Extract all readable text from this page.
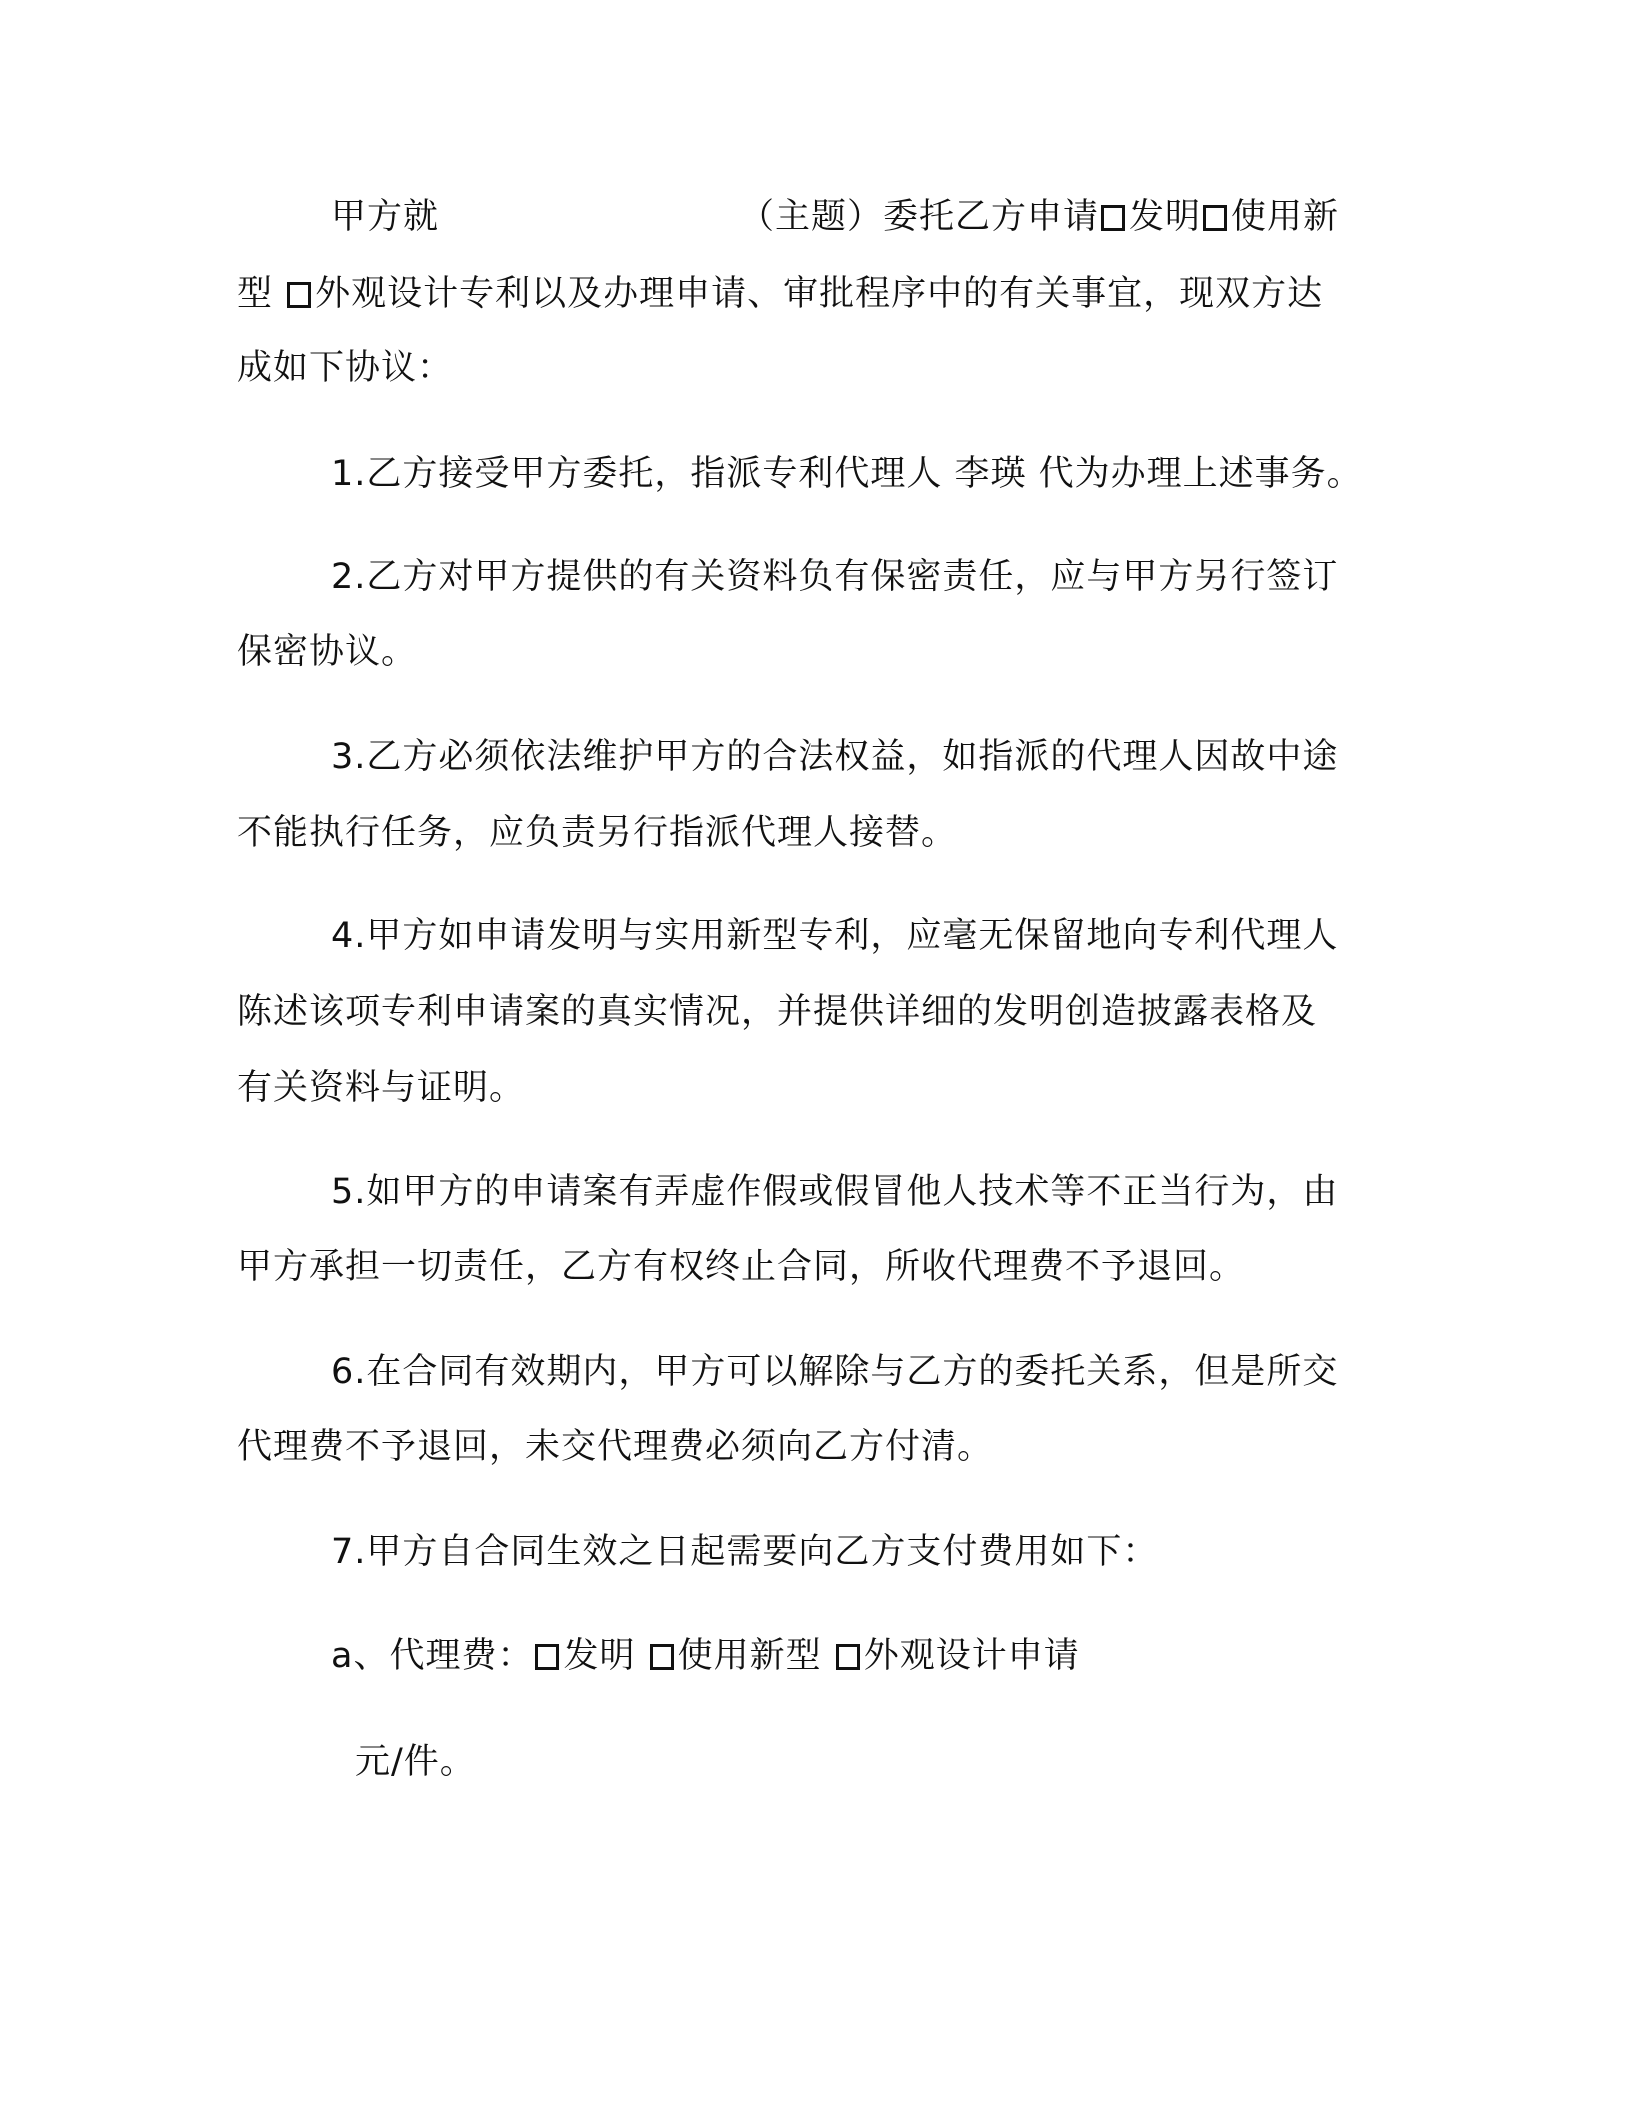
甲方就	（主题）委托乙方申请 发明 使用新
型 外观设计专利以及办理申请、审批程序中的有关事宜，现双方达
成如下协议：
1.乙方接受甲方委托，指派专利代理人 李瑛 代为办理上述事务。
2.乙方对甲方提供的有关资料负有保密责任，应与甲方另行签订
保密协议。
3.乙方必须依法维护甲方的合法权益，如指派的代理人因故中途
不能执行任务，应负责另行指派代理人接替。
4.甲方如申请发明与实用新型专利，应毫无保留地向专利代理人
陈述该项专利申请案的真实情况，并提供详细的发明创造披露表格及
有关资料与证明。
5.如甲方的申请案有弄虚作假或假冒他人技术等不正当行为，由
甲方承担一切责任，乙方有权终止合同，所收代理费不予退回。
6.在合同有效期内，甲方可以解除与乙方的委托关系，但是所交
代理费不予退回，未交代理费必须向乙方付清。
7.甲方自合同生效之日起需要向乙方支付费用如下：
a、代理费： 发明 使用新型 外观设计申请
元/件。
